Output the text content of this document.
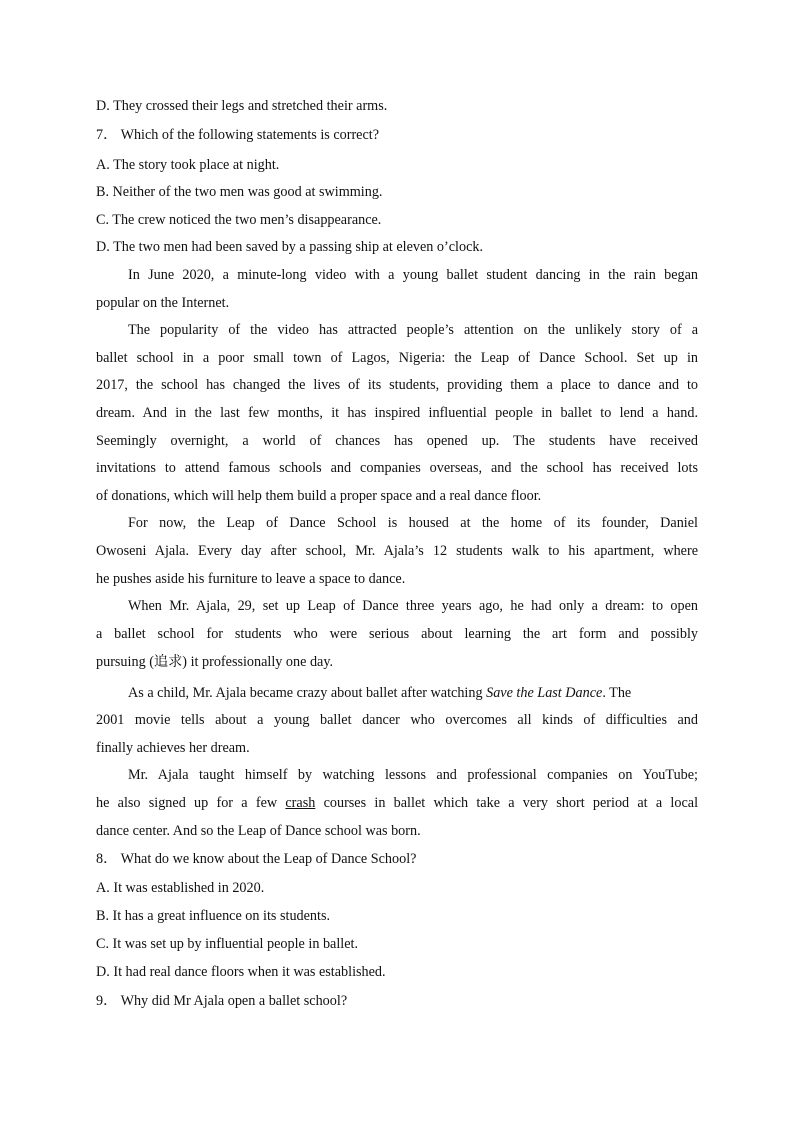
D. They crossed their legs and stretched their arms.
7． Which of the following statements is correct?
A. The story took place at night.
B. Neither of the two men was good at swimming.
C. The crew noticed the two men’s disappearance.
D. The two men had been saved by a passing ship at eleven o’clock.
In June 2020, a minute-long video with a young ballet student dancing in the rain began
popular on the Internet.
The popularity of the video has attracted people’s attention on the unlikely story of a
ballet school in a poor small town of Lagos, Nigeria: the Leap of Dance School. Set up in
2017, the school has changed the lives of its students, providing them a place to dance and to
dream. And in the last few months, it has inspired influential people in ballet to lend a hand.
Seemingly overnight, a world of chances has opened up. The students have received
invitations to attend famous schools and companies overseas, and the school has received lots
of donations, which will help them build a proper space and a real dance floor.
For now, the Leap of Dance School is housed at the home of its founder, Daniel
Owoseni Ajala. Every day after school, Mr. Ajala’s 12 students walk to his apartment, where
he pushes aside his furniture to leave a space to dance.
When Mr. Ajala, 29, set up Leap of Dance three years ago, he had only a dream: to open
a ballet school for students who were serious about learning the art form and possibly
pursuing (追求) it professionally one day.
As a child, Mr. Ajala became crazy about ballet after watching Save the Last Dance. The
2001 movie tells about a young ballet dancer who overcomes all kinds of difficulties and
finally achieves her dream.
Mr. Ajala taught himself by watching lessons and professional companies on YouTube;
he also signed up for a few crash courses in ballet which take a very short period at a local
dance center. And so the Leap of Dance school was born.
8． What do we know about the Leap of Dance School?
A. It was established in 2020.
B. It has a great influence on its students.
C. It was set up by influential people in ballet.
D. It had real dance floors when it was established.
9． Why did Mr Ajala open a ballet school?
